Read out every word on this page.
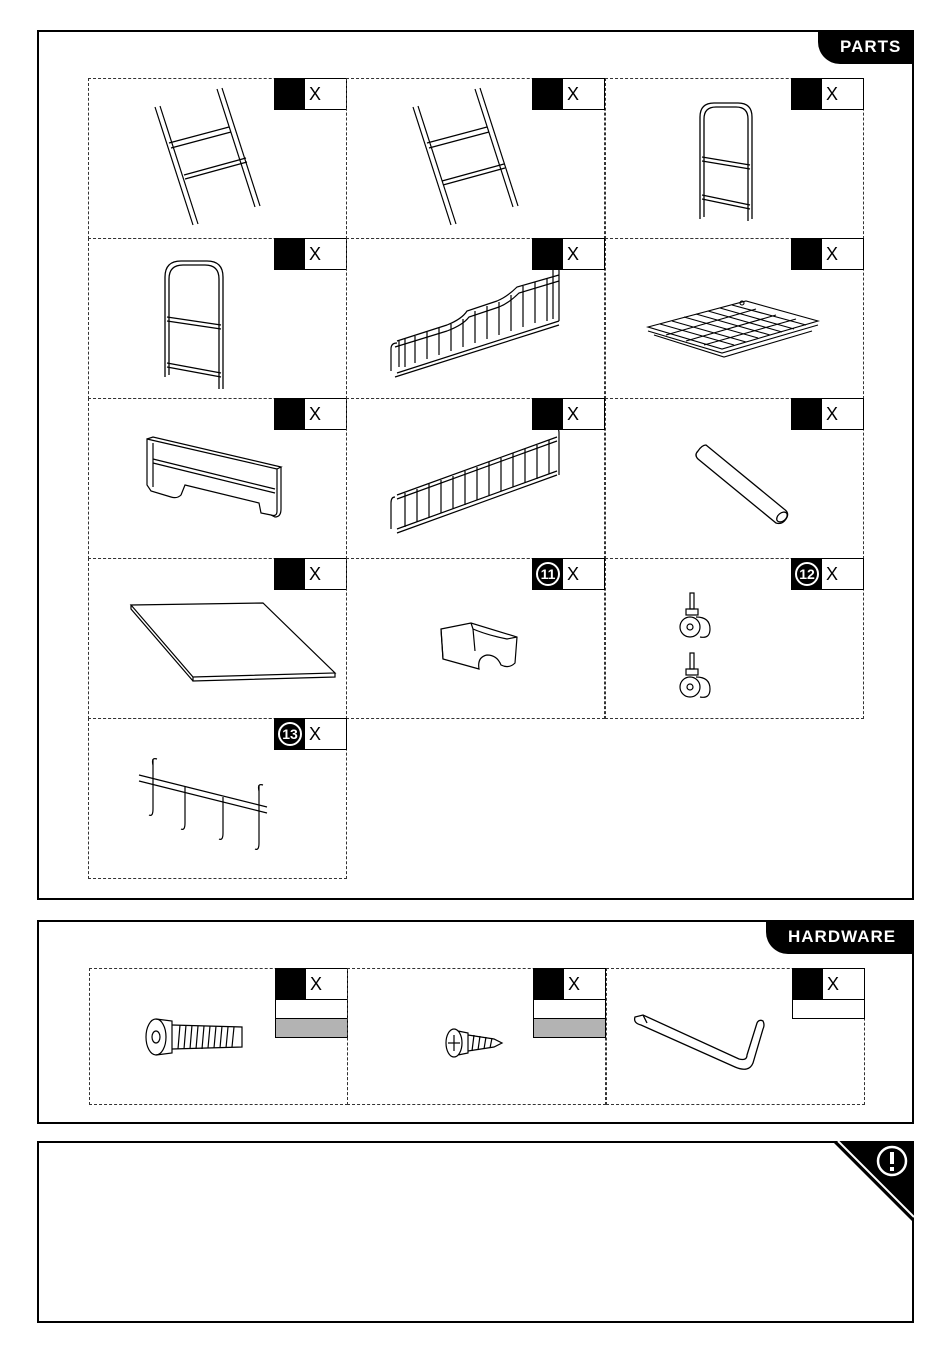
PARTS
X	X	X
X	X	X
X	X	X
X	11 X	12 X
13 X
HARDWARE
X	X	X
